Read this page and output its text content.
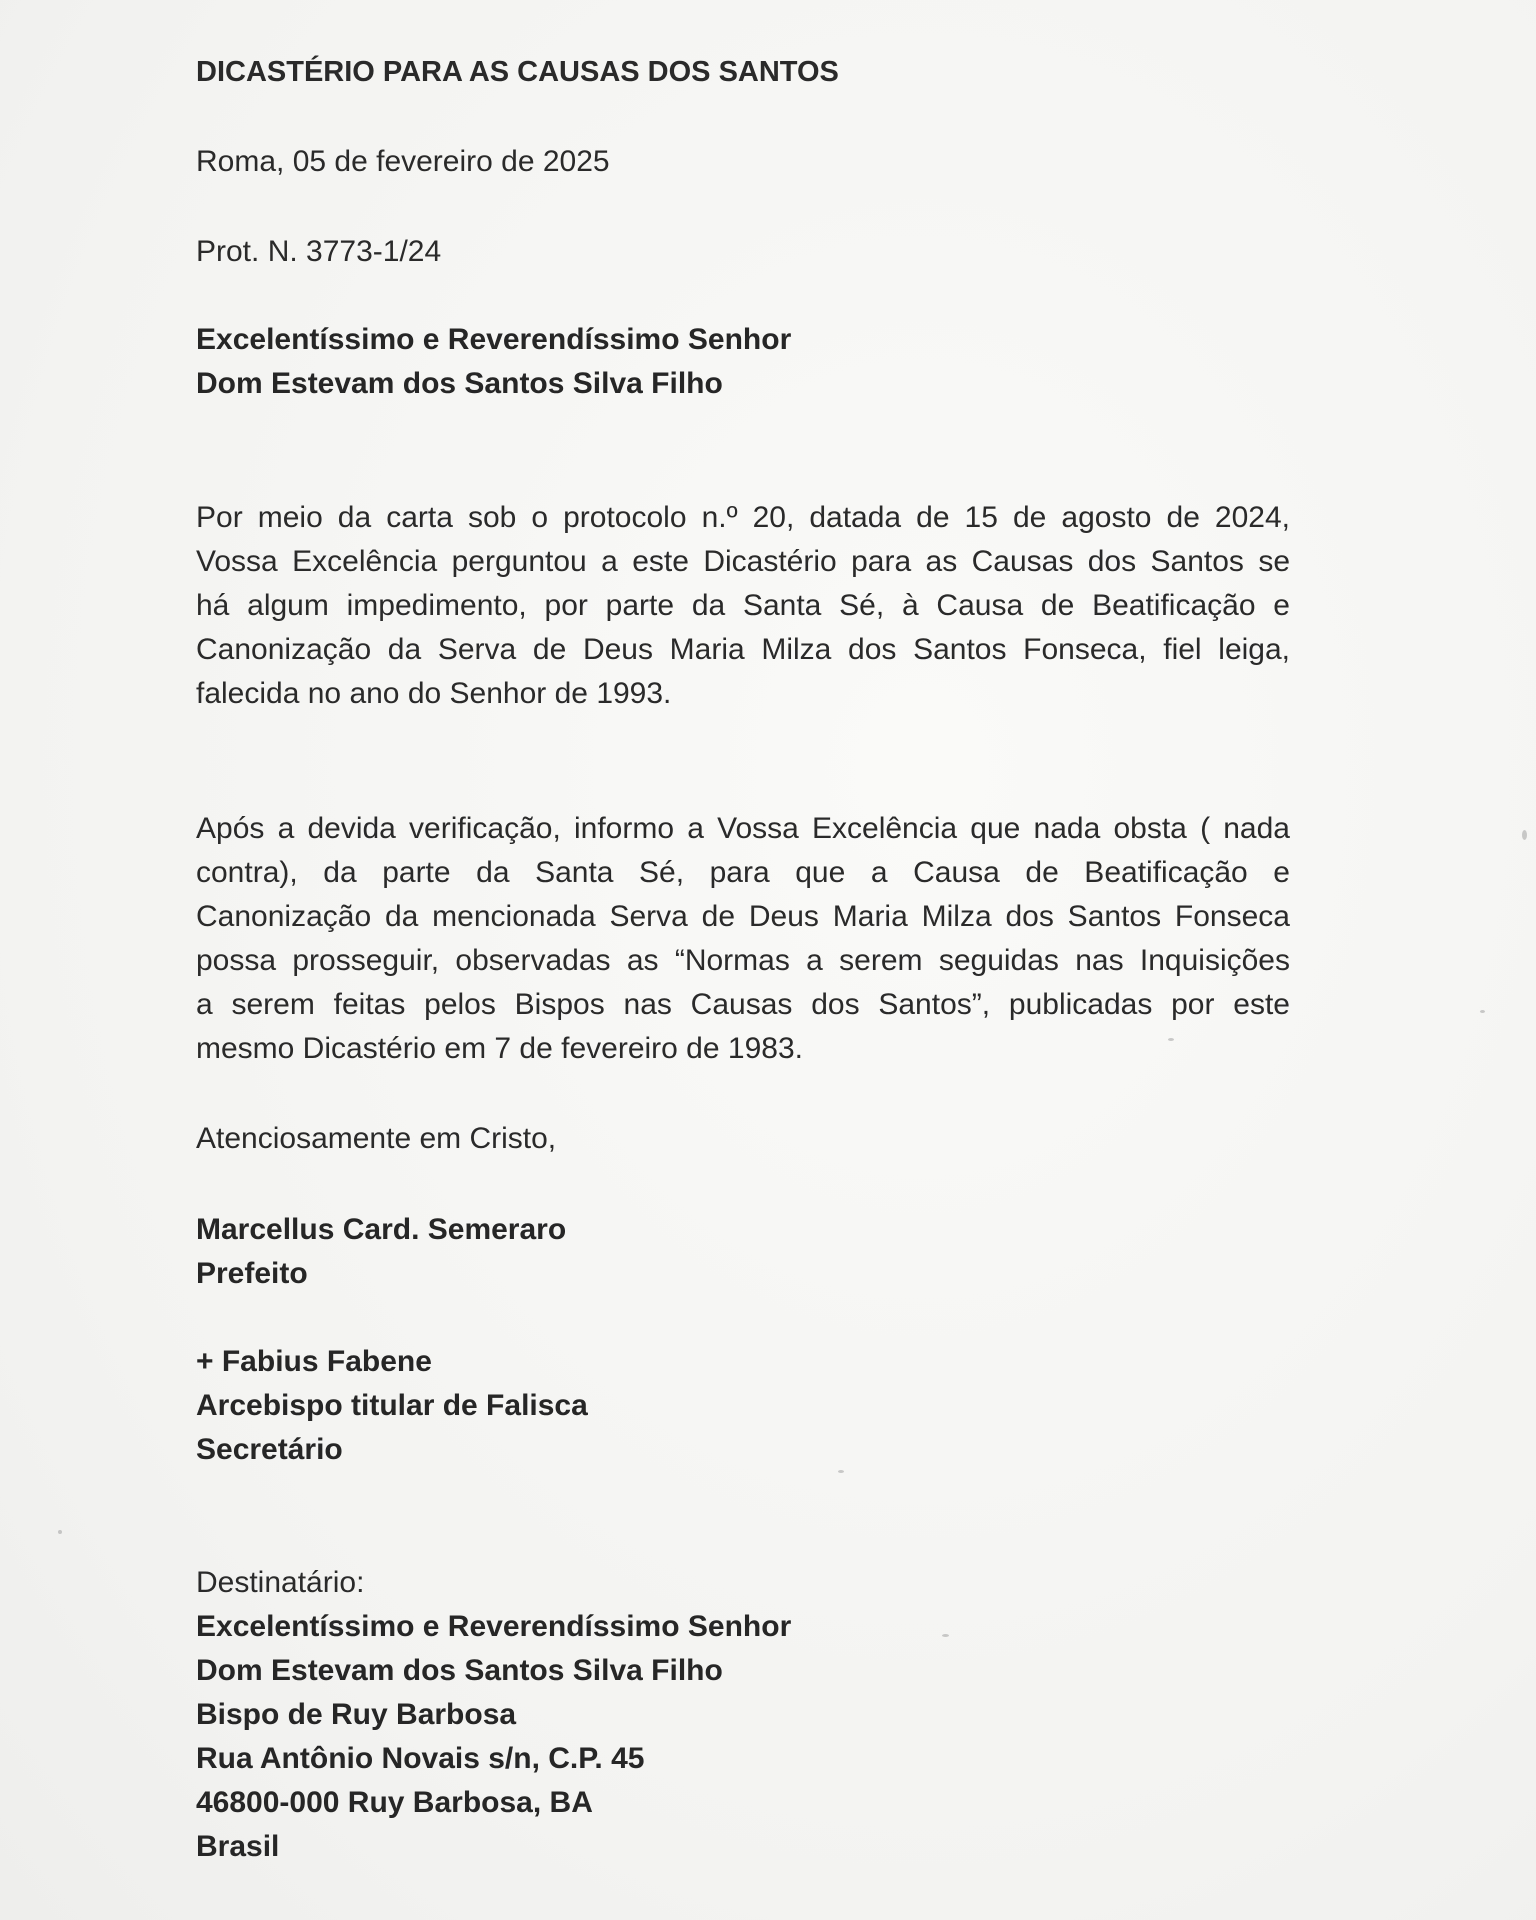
DICASTÉRIO PARA AS CAUSAS DOS SANTOS
Roma, 05 de fevereiro de 2025
Prot. N. 3773-1/24
Excelentíssimo e Reverendíssimo Senhor
Dom Estevam dos Santos Silva Filho
Por meio da carta sob o protocolo n.º 20, datada de 15 de agosto de 2024,
Vossa Excelência perguntou a este Dicastério para as Causas dos Santos se
há algum impedimento, por parte da Santa Sé, à Causa de Beatificação e
Canonização da Serva de Deus Maria Milza dos Santos Fonseca, fiel leiga,
falecida no ano do Senhor de 1993.
Após a devida verificação, informo a Vossa Excelência que nada obsta ( nada
contra), da parte da Santa Sé, para que a Causa de Beatificação e
Canonização da mencionada Serva de Deus Maria Milza dos Santos Fonseca
possa prosseguir, observadas as “Normas a serem seguidas nas Inquisições
a serem feitas pelos Bispos nas Causas dos Santos”, publicadas por este
mesmo Dicastério em 7 de fevereiro de 1983.
Atenciosamente em Cristo,
Marcellus Card. Semeraro
Prefeito
+ Fabius Fabene
Arcebispo titular de Falisca
Secretário
Destinatário:
Excelentíssimo e Reverendíssimo Senhor
Dom Estevam dos Santos Silva Filho
Bispo de Ruy Barbosa
Rua Antônio Novais s/n, C.P. 45
46800-000 Ruy Barbosa, BA
Brasil
